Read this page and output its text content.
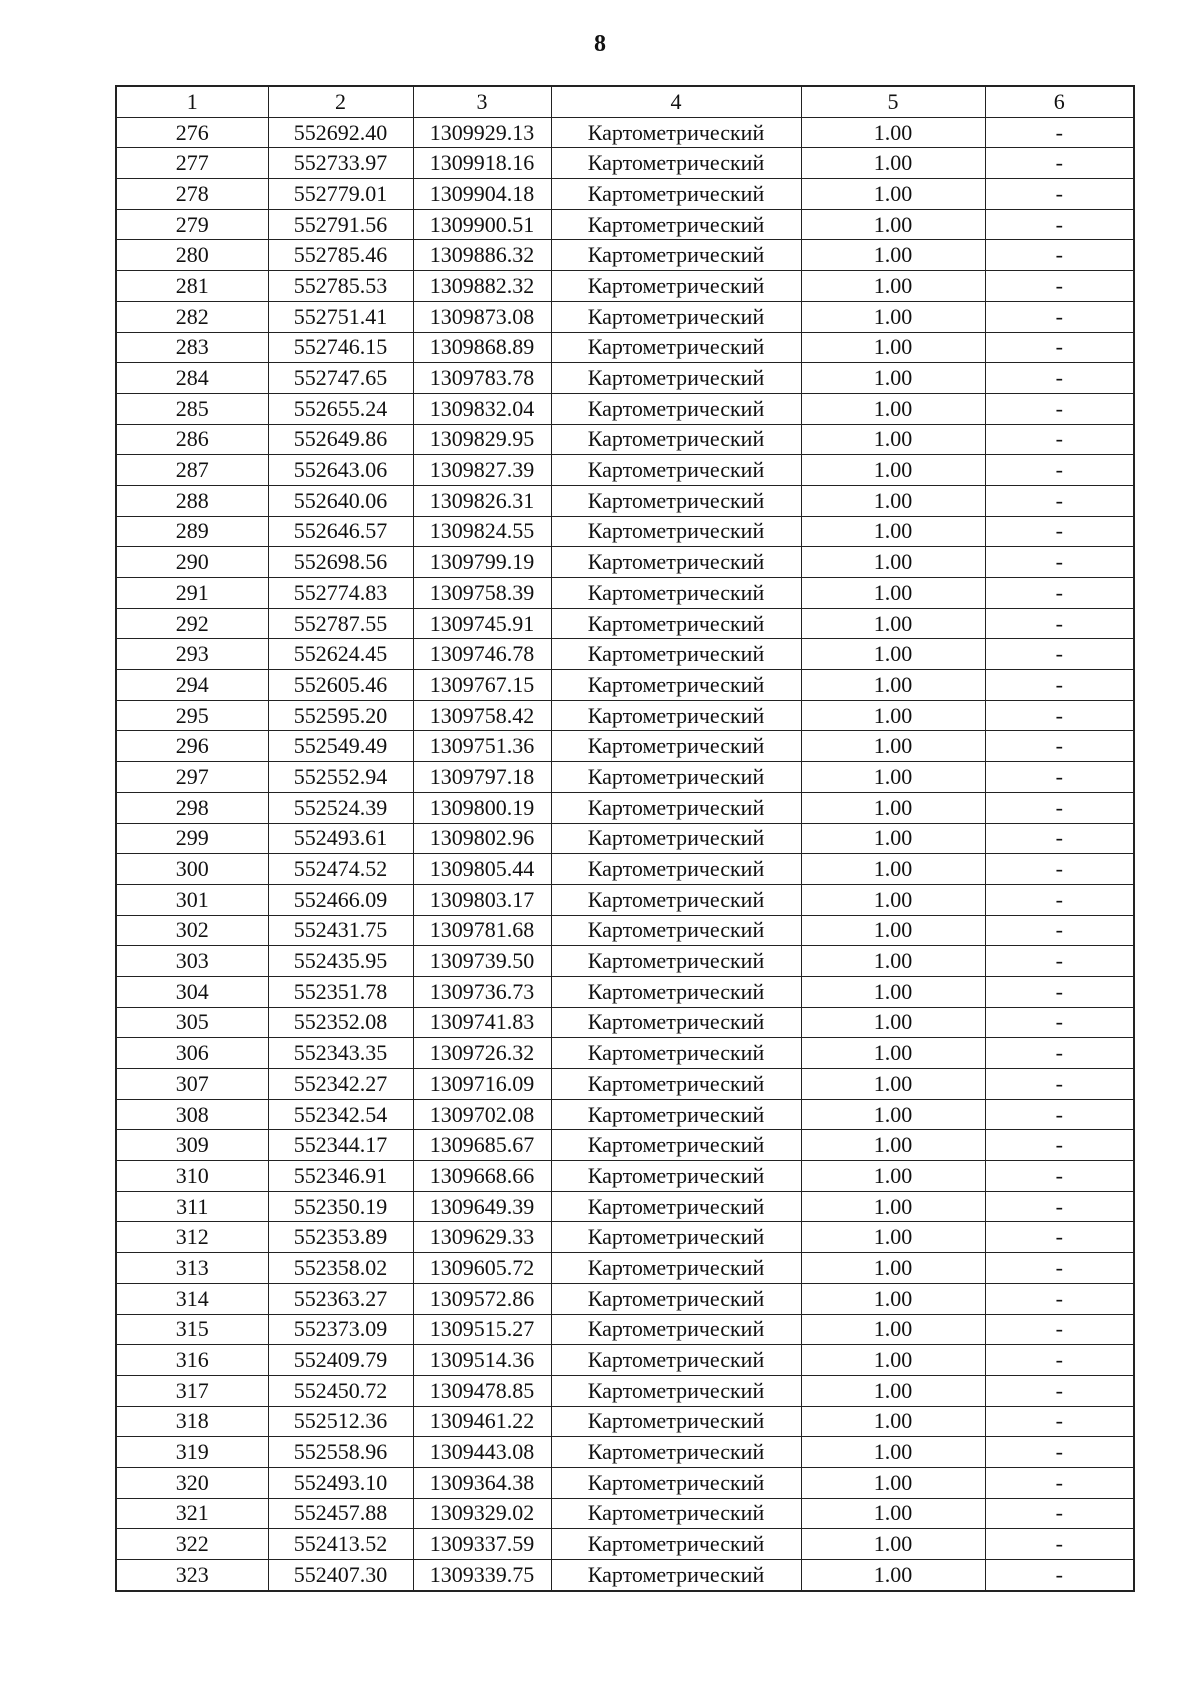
8
1	2	3	4	5	6
276	552692.40	1309929.13	Картометрический	1.00	-
277	552733.97	1309918.16	Картометрический	1.00	-
278	552779.01	1309904.18	Картометрический	1.00	-
279	552791.56	1309900.51	Картометрический	1.00	-
280	552785.46	1309886.32	Картометрический	1.00	-
281	552785.53	1309882.32	Картометрический	1.00	-
282	552751.41	1309873.08	Картометрический	1.00	-
283	552746.15	1309868.89	Картометрический	1.00	-
284	552747.65	1309783.78	Картометрический	1.00	-
285	552655.24	1309832.04	Картометрический	1.00	-
286	552649.86	1309829.95	Картометрический	1.00	-
287	552643.06	1309827.39	Картометрический	1.00	-
288	552640.06	1309826.31	Картометрический	1.00	-
289	552646.57	1309824.55	Картометрический	1.00	-
290	552698.56	1309799.19	Картометрический	1.00	-
291	552774.83	1309758.39	Картометрический	1.00	-
292	552787.55	1309745.91	Картометрический	1.00	-
293	552624.45	1309746.78	Картометрический	1.00	-
294	552605.46	1309767.15	Картометрический	1.00	-
295	552595.20	1309758.42	Картометрический	1.00	-
296	552549.49	1309751.36	Картометрический	1.00	-
297	552552.94	1309797.18	Картометрический	1.00	-
298	552524.39	1309800.19	Картометрический	1.00	-
299	552493.61	1309802.96	Картометрический	1.00	-
300	552474.52	1309805.44	Картометрический	1.00	-
301	552466.09	1309803.17	Картометрический	1.00	-
302	552431.75	1309781.68	Картометрический	1.00	-
303	552435.95	1309739.50	Картометрический	1.00	-
304	552351.78	1309736.73	Картометрический	1.00	-
305	552352.08	1309741.83	Картометрический	1.00	-
306	552343.35	1309726.32	Картометрический	1.00	-
307	552342.27	1309716.09	Картометрический	1.00	-
308	552342.54	1309702.08	Картометрический	1.00	-
309	552344.17	1309685.67	Картометрический	1.00	-
310	552346.91	1309668.66	Картометрический	1.00	-
311	552350.19	1309649.39	Картометрический	1.00	-
312	552353.89	1309629.33	Картометрический	1.00	-
313	552358.02	1309605.72	Картометрический	1.00	-
314	552363.27	1309572.86	Картометрический	1.00	-
315	552373.09	1309515.27	Картометрический	1.00	-
316	552409.79	1309514.36	Картометрический	1.00	-
317	552450.72	1309478.85	Картометрический	1.00	-
318	552512.36	1309461.22	Картометрический	1.00	-
319	552558.96	1309443.08	Картометрический	1.00	-
320	552493.10	1309364.38	Картометрический	1.00	-
321	552457.88	1309329.02	Картометрический	1.00	-
322	552413.52	1309337.59	Картометрический	1.00	-
323	552407.30	1309339.75	Картометрический	1.00	-
